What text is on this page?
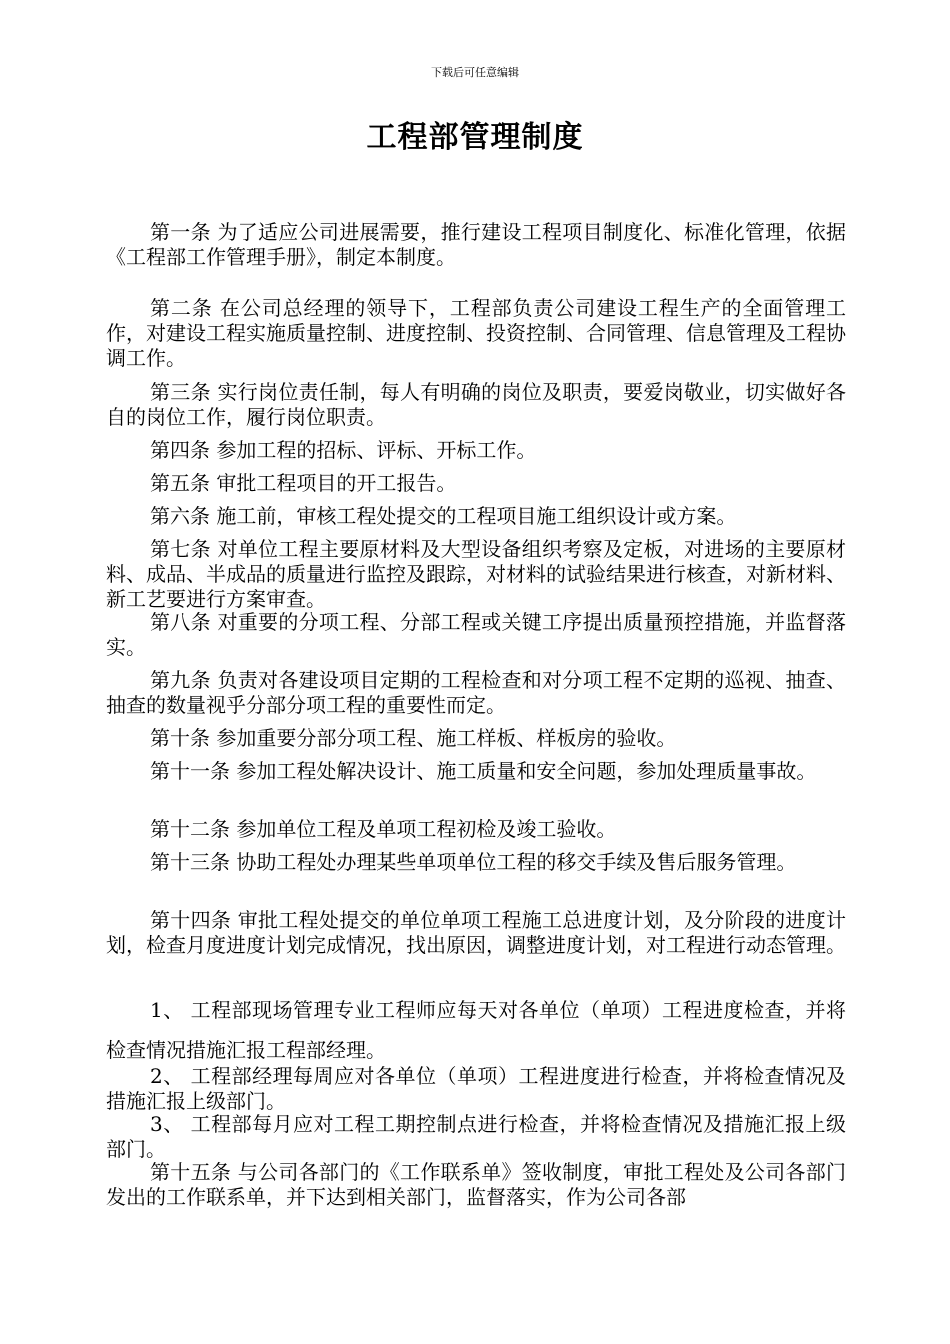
下载后可任意编辑
工程部管理制度

第一条 为了适应公司进展需要，推行建设工程项目制度化、标准化管理，依据《工程部工作管理手册》，制定本制度。

第二条 在公司总经理的领导下，工程部负责公司建设工程生产的全面管理工作，对建设工程实施质量控制、进度控制、投资控制、合同管理、信息管理及工程协调工作。

第三条 实行岗位责任制，每人有明确的岗位及职责，要爱岗敬业，切实做好各自的岗位工作，履行岗位职责。

第四条 参加工程的招标、评标、开标工作。

第五条 审批工程项目的开工报告。

第六条 施工前，审核工程处提交的工程项目施工组织设计或方案。

第七条 对单位工程主要原材料及大型设备组织考察及定板，对进场的主要原材料、成品、半成品的质量进行监控及跟踪，对材料的试验结果进行核查，对新材料、新工艺要进行方案审查。

第八条 对重要的分项工程、分部工程或关键工序提出质量预控措施，并监督落实。

第九条 负责对各建设项目定期的工程检查和对分项工程不定期的巡视、抽查、抽查的数量视乎分部分项工程的重要性而定。

第十条 参加重要分部分项工程、施工样板、样板房的验收。

第十一条 参加工程处解决设计、施工质量和安全问题，参加处理质量事故。

第十二条 参加单位工程及单项工程初检及竣工验收。

第十三条 协助工程处办理某些单项单位工程的移交手续及售后服务管理。

第十四条 审批工程处提交的单位单项工程施工总进度计划，及分阶段的进度计划，检查月度进度计划完成情况，找出原因，调整进度计划，对工程进行动态管理。

1、 工程部现场管理专业工程师应每天对各单位（单项）工程进度检查，并将检查情况措施汇报工程部经理。

2、 工程部经理每周应对各单位（单项）工程进度进行检查，并将检查情况及措施汇报上级部门。

3、 工程部每月应对工程工期控制点进行检查，并将检查情况及措施汇报上级部门。

第十五条 与公司各部门的《工作联系单》签收制度，审批工程处及公司各部门发出的工作联系单，并下达到相关部门，监督落实，作为公司各部
